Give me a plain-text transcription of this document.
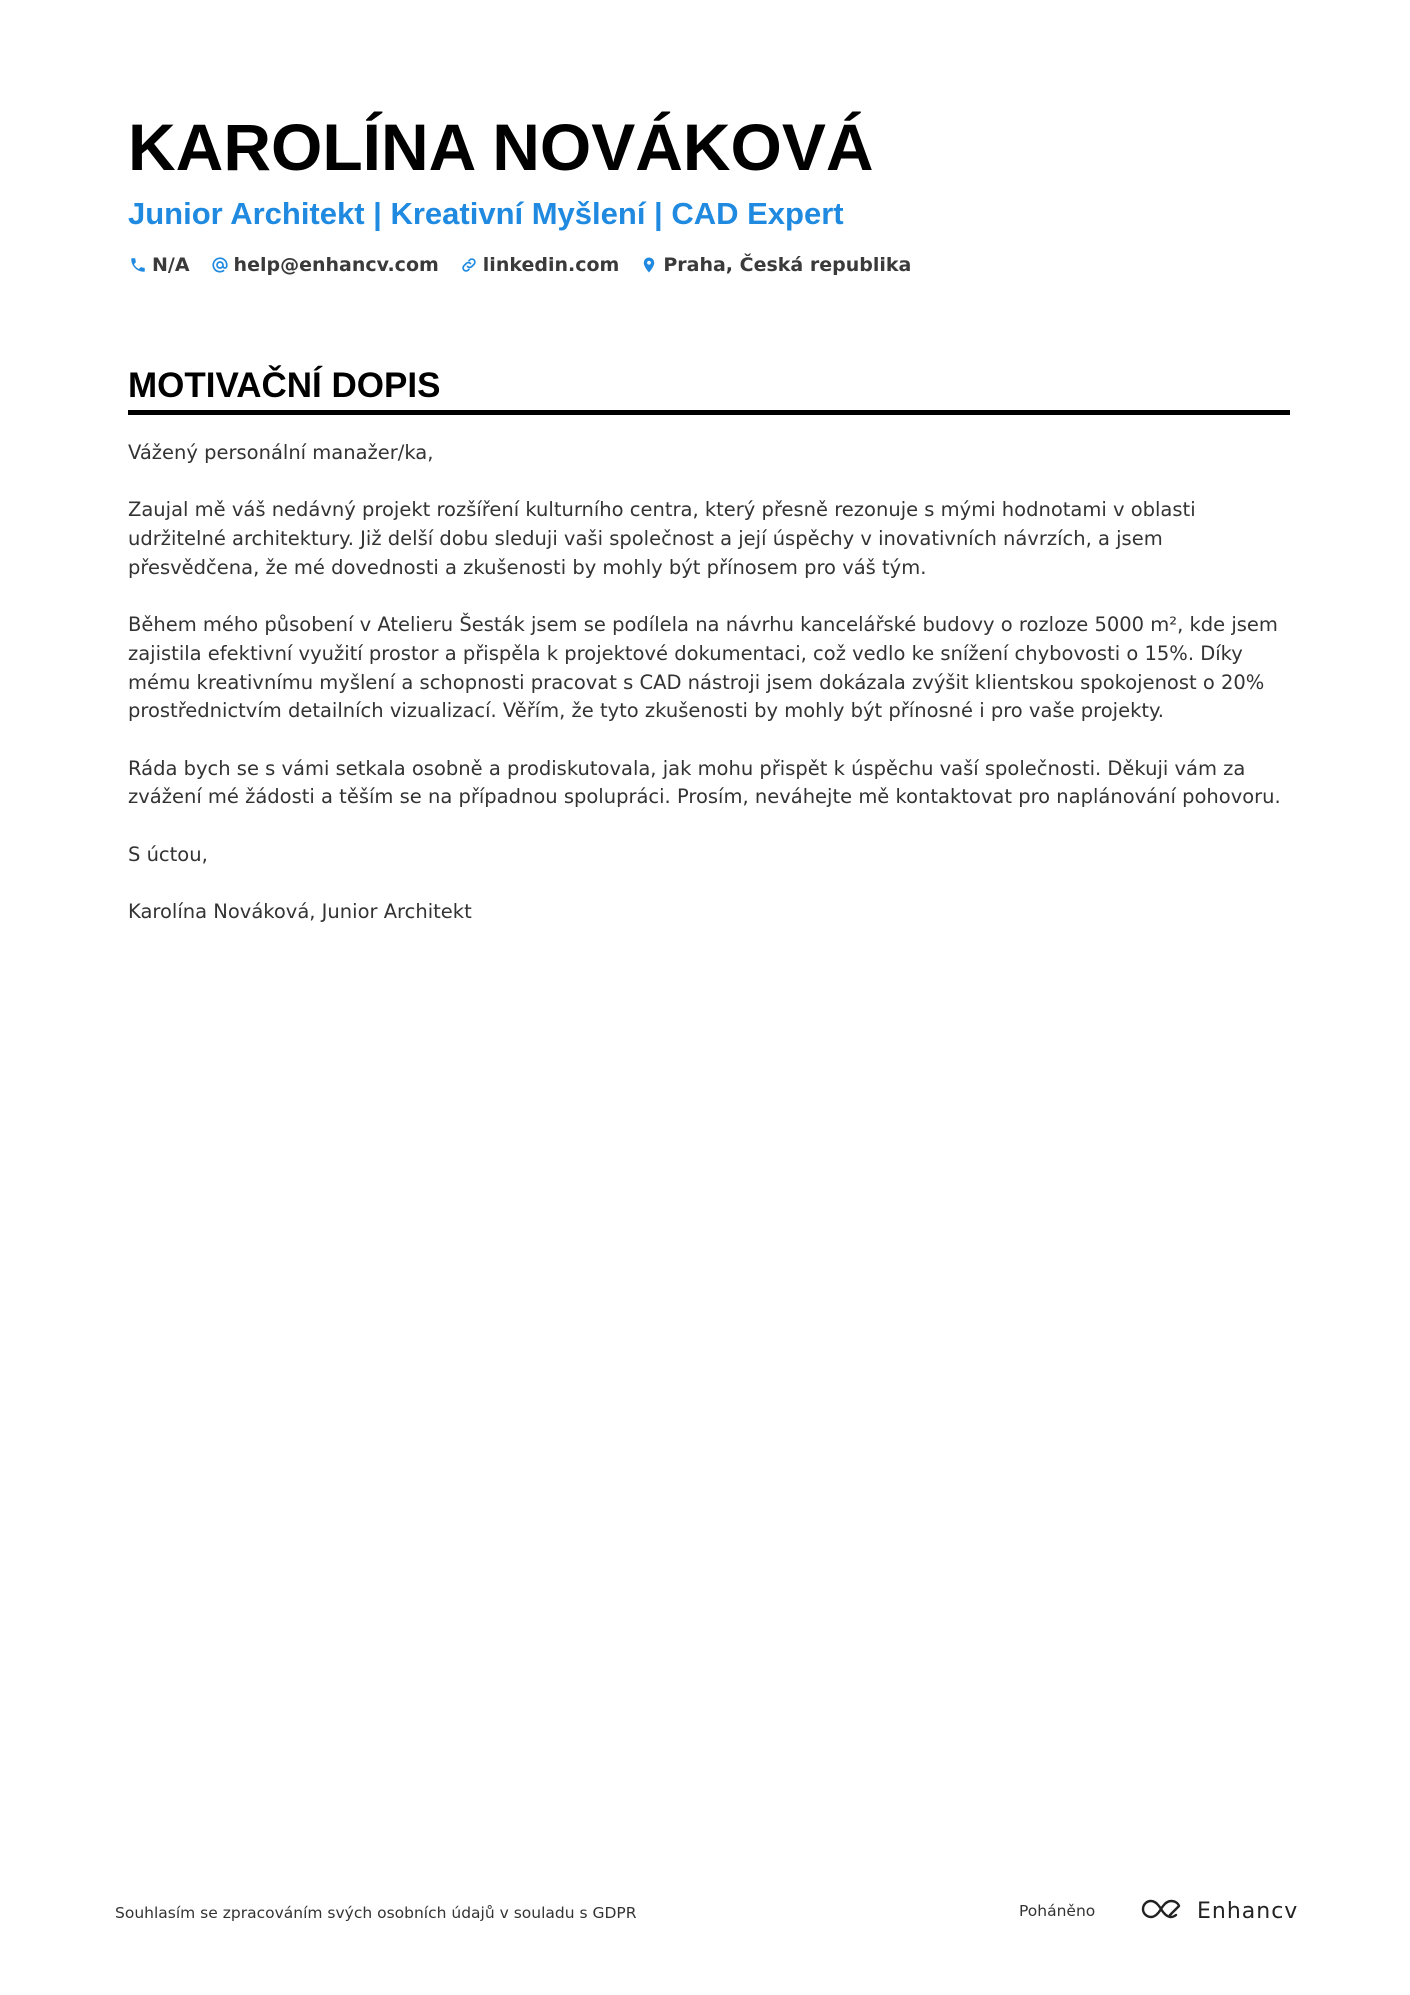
KAROLÍNA NOVÁKOVÁ
Junior Architekt | Kreativní Myšlení | CAD Expert
N/A help@enhancv.com linkedin.com Praha, Česká republika
MOTIVAČNÍ DOPIS

Vážený personální manažer/ka,

Zaujal mě váš nedávný projekt rozšíření kulturního centra, který přesně rezonuje s mými hodnotami v oblasti udržitelné architektury. Již delší dobu sleduji vaši společnost a její úspěchy v inovativních návrzích, a jsem přesvědčena, že mé dovednosti a zkušenosti by mohly být přínosem pro váš tým.

Během mého působení v Atelieru Šesták jsem se podílela na návrhu kancelářské budovy o rozloze 5000 m², kde jsem zajistila efektivní využití prostor a přispěla k projektové dokumentaci, což vedlo ke snížení chybovosti o 15%. Díky mému kreativnímu myšlení a schopnosti pracovat s CAD nástroji jsem dokázala zvýšit klientskou spokojenost o 20% prostřednictvím detailních vizualizací. Věřím, že tyto zkušenosti by mohly být přínosné i pro vaše projekty.

Ráda bych se s vámi setkala osobně a prodiskutovala, jak mohu přispět k úspěchu vaší společnosti. Děkuji vám za zvážení mé žádosti a těším se na případnou spolupráci. Prosím, neváhejte mě kontaktovat pro naplánování pohovoru.

S úctou,

Karolína Nováková, Junior Architekt

Souhlasím se zpracováním svých osobních údajů v souladu s GDPR	Poháněno	Enhancv
